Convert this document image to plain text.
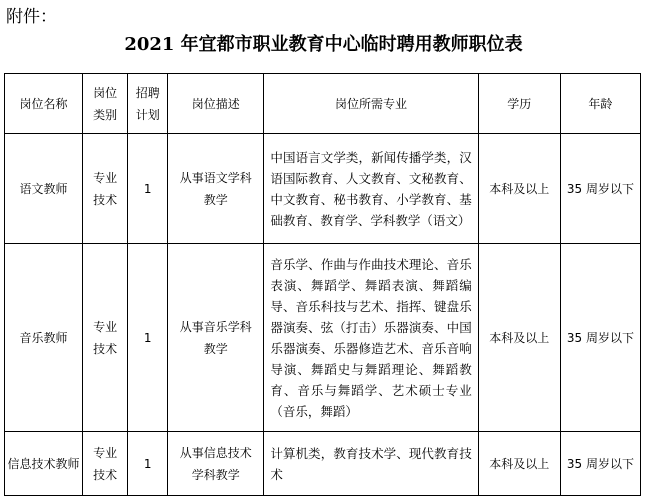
附件：
2021 年宜都市职业教育中心临时聘用教师职位表
岗位名称	岗位类别	招聘计划	岗位描述	岗位所需专业	学历	年龄
语文教师	专业技术	1	从事语文学科教学	中国语言文学类，新闻传播学类，汉语国际教育、人文教育、文秘教育、中文教育、秘书教育、小学教育、基础教育、教育学、学科教学（语文）	本科及以上	35 周岁以下
音乐教师	专业技术	1	从事音乐学科教学	音乐学、作曲与作曲技术理论、音乐表演、舞蹈学、舞蹈表演、舞蹈编导、音乐科技与艺术、指挥、键盘乐器演奏、弦（打击）乐器演奏、中国乐器演奏、乐器修造艺术、音乐音响导演、舞蹈史与舞蹈理论、舞蹈教育、音乐与舞蹈学、艺术硕士专业（音乐，舞蹈）	本科及以上	35 周岁以下
信息技术教师	专业技术	1	从事信息技术学科教学	计算机类，教育技术学、现代教育技术	本科及以上	35 周岁以下
